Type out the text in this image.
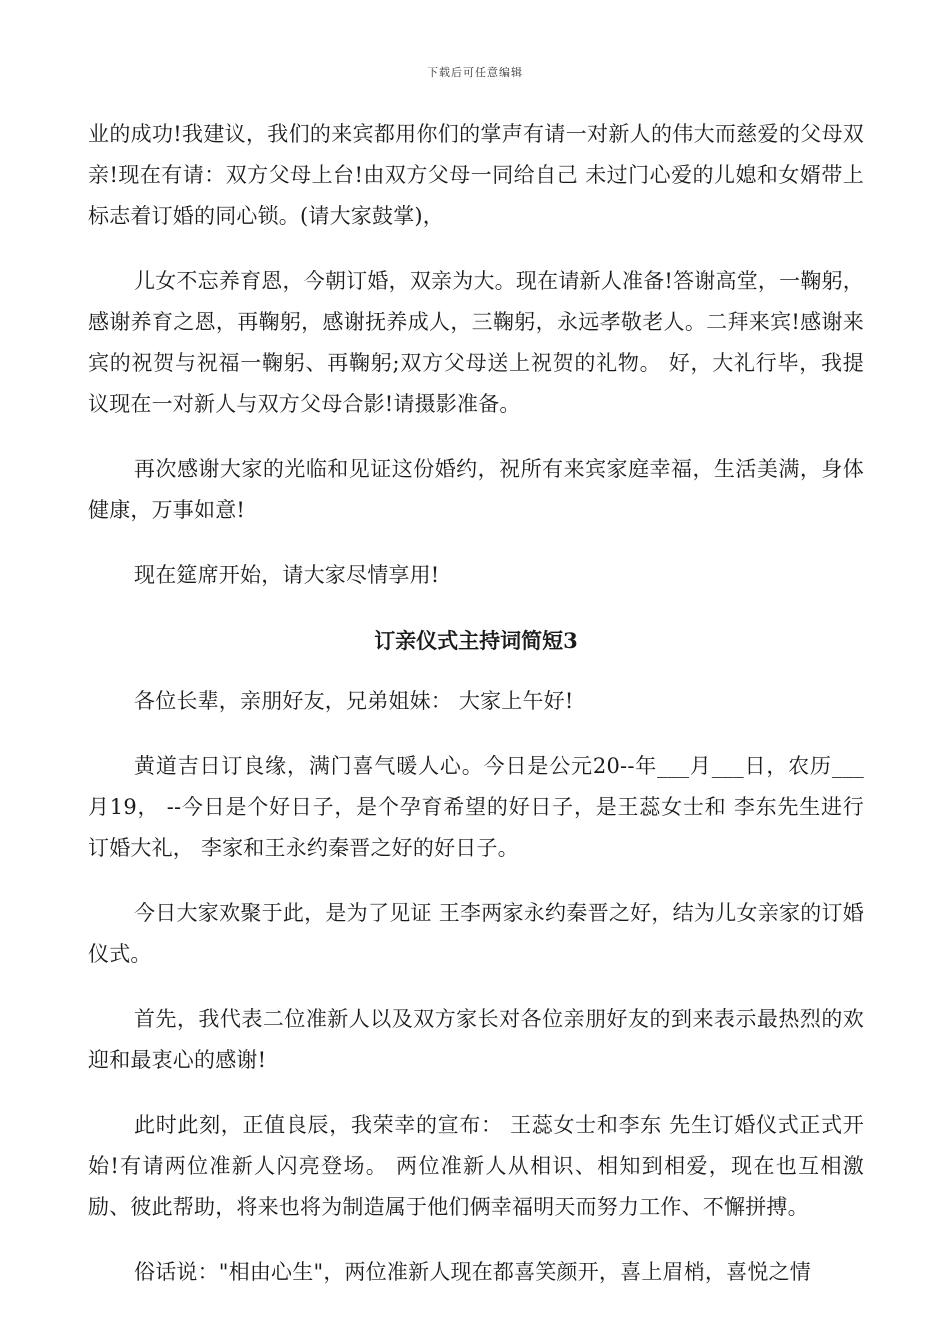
下载后可任意编辑

业的成功!我建议，我们的来宾都用你们的掌声有请一对新人的伟大而慈爱的父母双亲!现在有请：双方父母上台!由双方父母一同给自己 未过门心爱的儿媳和女婿带上标志着订婚的同心锁。(请大家鼓掌)，

儿女不忘养育恩，今朝订婚，双亲为大。现在请新人准备!答谢高堂，一鞠躬，感谢养育之恩，再鞠躬，感谢抚养成人，三鞠躬，永远孝敬老人。二拜来宾!感谢来宾的祝贺与祝福一鞠躬、再鞠躬;双方父母送上祝贺的礼物。 好，大礼行毕，我提议现在一对新人与双方父母合影!请摄影准备。

再次感谢大家的光临和见证这份婚约，祝所有来宾家庭幸福，生活美满，身体健康，万事如意!

现在筵席开始，请大家尽情享用!

订亲仪式主持词简短3

各位长辈，亲朋好友，兄弟姐妹： 大家上午好!

黄道吉日订良缘，满门喜气暖人心。今日是公元20--年___月___日，农历___月19， --今日是个好日子，是个孕育希望的好日子，是王蕊女士和 李东先生进行订婚大礼， 李家和王永约秦晋之好的好日子。

今日大家欢聚于此，是为了见证 王李两家永约秦晋之好，结为儿女亲家的订婚仪式。

首先，我代表二位准新人以及双方家长对各位亲朋好友的到来表示最热烈的欢迎和最衷心的感谢!

此时此刻，正值良辰，我荣幸的宣布： 王蕊女士和李东 先生订婚仪式正式开始!有请两位准新人闪亮登场。 两位准新人从相识、相知到相爱，现在也互相激励、彼此帮助，将来也将为制造属于他们俩幸福明天而努力工作、不懈拼搏。

俗话说："相由心生"，两位准新人现在都喜笑颜开，喜上眉梢，喜悦之情
